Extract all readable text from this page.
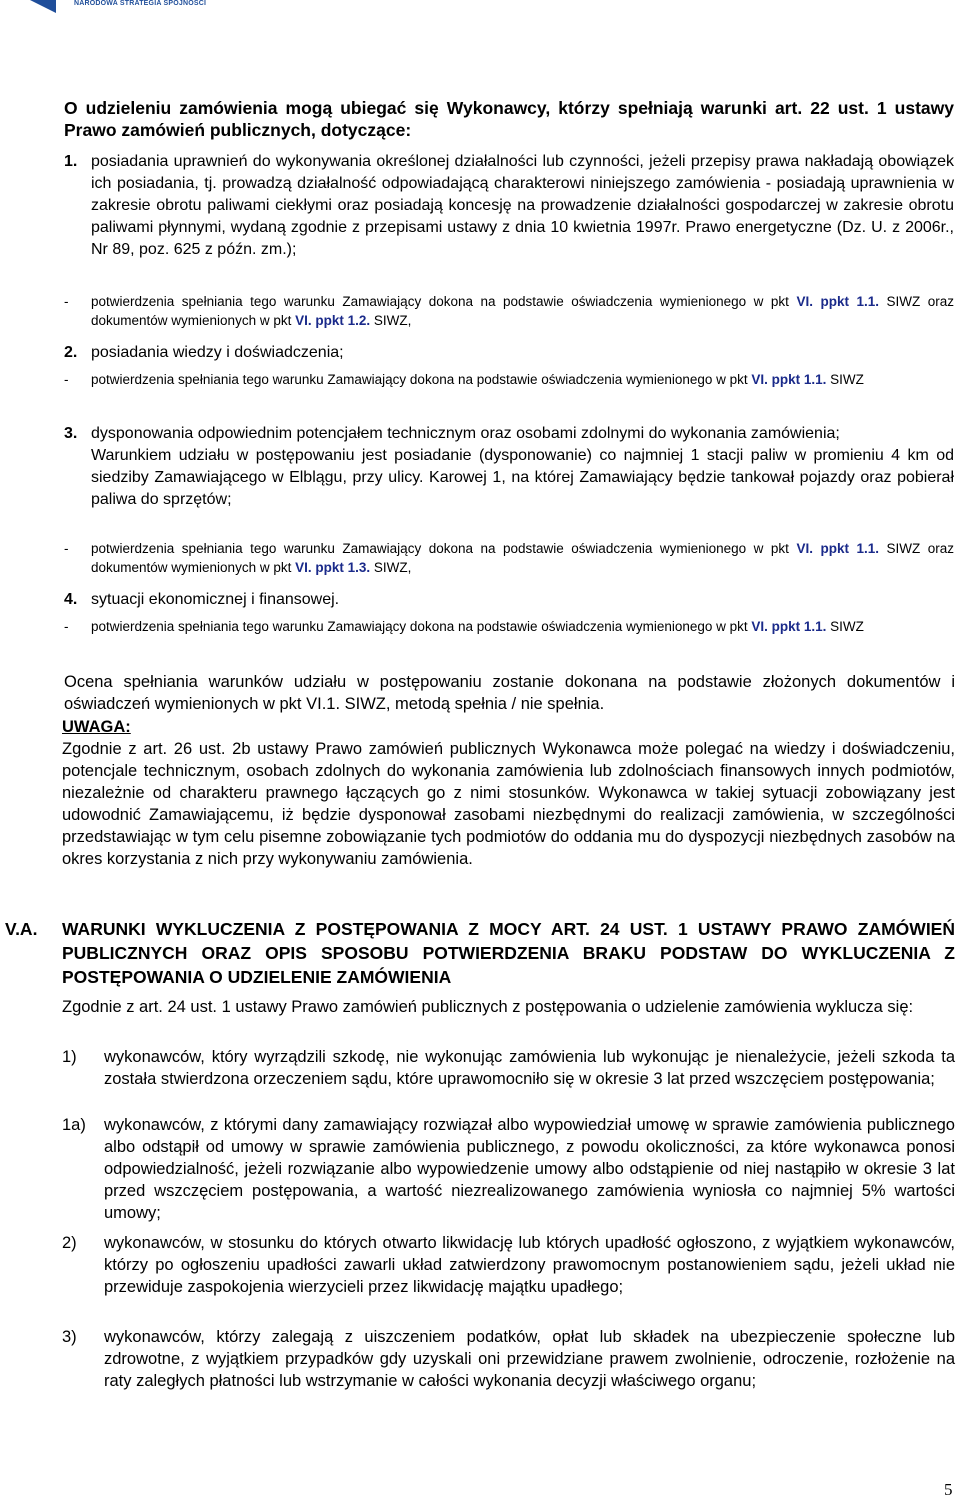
NARODOWA STRATEGIA SPÓJNOŚCI

O udzieleniu zamówienia mogą ubiegać się Wykonawcy, którzy spełniają warunki art. 22 ust. 1 ustawy Prawo zamówień publicznych, dotyczące:

1. posiadania uprawnień do wykonywania określonej działalności lub czynności, jeżeli przepisy prawa nakładają obowiązek ich posiadania, tj. prowadzą działalność odpowiadającą charakterowi niniejszego zamówienia - posiadają uprawnienia w zakresie obrotu paliwami ciekłymi oraz posiadają koncesję na prowadzenie działalności gospodarczej w zakresie obrotu paliwami płynnymi, wydaną zgodnie z przepisami ustawy z dnia 10 kwietnia 1997r. Prawo energetyczne (Dz. U. z 2006r., Nr 89, poz. 625 z późn. zm.);
- potwierdzenia spełniania tego warunku Zamawiający dokona na podstawie oświadczenia wymienionego w pkt VI. ppkt 1.1. SIWZ oraz dokumentów wymienionych w pkt VI. ppkt 1.2. SIWZ,
2. posiadania wiedzy i doświadczenia;
- potwierdzenia spełniania tego warunku Zamawiający dokona na podstawie oświadczenia wymienionego w pkt VI. ppkt 1.1. SIWZ
3. dysponowania odpowiednim potencjałem technicznym oraz osobami zdolnymi do wykonania zamówienia;
Warunkiem udziału w postępowaniu jest posiadanie (dysponowanie) co najmniej 1 stacji paliw w promieniu 4 km od siedziby Zamawiającego w Elblągu, przy ulicy. Karowej 1, na której Zamawiający będzie tankował pojazdy oraz pobierał paliwa do sprzętów;
- potwierdzenia spełniania tego warunku Zamawiający dokona na podstawie oświadczenia wymienionego w pkt VI. ppkt 1.1. SIWZ oraz dokumentów wymienionych w pkt VI. ppkt 1.3. SIWZ,
4. sytuacji ekonomicznej i finansowej.
- potwierdzenia spełniania tego warunku Zamawiający dokona na podstawie oświadczenia wymienionego w pkt VI. ppkt 1.1. SIWZ

Ocena spełniania warunków udziału w postępowaniu zostanie dokonana na podstawie złożonych dokumentów i oświadczeń wymienionych w pkt VI.1. SIWZ, metodą spełnia / nie spełnia.

UWAGA:

Zgodnie z art. 26 ust. 2b ustawy Prawo zamówień publicznych Wykonawca może polegać na wiedzy i doświadczeniu, potencjale technicznym, osobach zdolnych do wykonania zamówienia lub zdolnościach finansowych innych podmiotów, niezależnie od charakteru prawnego łączących go z nimi stosunków. Wykonawca w takiej sytuacji zobowiązany jest udowodnić Zamawiającemu, iż będzie dysponował zasobami niezbędnymi do realizacji zamówienia, w szczególności przedstawiając w tym celu pisemne zobowiązanie tych podmiotów do oddania mu do dyspozycji niezbędnych zasobów na okres korzystania z nich przy wykonywaniu zamówienia.

V.A. WARUNKI WYKLUCZENIA Z POSTĘPOWANIA Z MOCY ART. 24 UST. 1 USTAWY PRAWO ZAMÓWIEŃ PUBLICZNYCH ORAZ OPIS SPOSOBU POTWIERDZENIA BRAKU PODSTAW DO WYKLUCZENIA Z POSTĘPOWANIA O UDZIELENIE ZAMÓWIENIA

Zgodnie z art. 24 ust. 1 ustawy Prawo zamówień publicznych z postępowania o udzielenie zamówienia wyklucza się:

1) wykonawców, który wyrządzili szkodę, nie wykonując zamówienia lub wykonując je nienależycie, jeżeli szkoda ta została stwierdzona orzeczeniem sądu, które uprawomocniło się w okresie 3 lat przed wszczęciem postępowania;
1a) wykonawców, z którymi dany zamawiający rozwiązał albo wypowiedział umowę w sprawie zamówienia publicznego albo odstąpił od umowy w sprawie zamówienia publicznego, z powodu okoliczności, za które wykonawca ponosi odpowiedzialność, jeżeli rozwiązanie albo wypowiedzenie umowy albo odstąpienie od niej nastąpiło w okresie 3 lat przed wszczęciem postępowania, a wartość niezrealizowanego zamówienia wyniosła co najmniej 5% wartości umowy;
2) wykonawców, w stosunku do których otwarto likwidację lub których upadłość ogłoszono, z wyjątkiem wykonawców, którzy po ogłoszeniu upadłości zawarli układ zatwierdzony prawomocnym postanowieniem sądu, jeżeli układ nie przewiduje zaspokojenia wierzycieli przez likwidację majątku upadłego;
3) wykonawców, którzy zalegają z uiszczeniem podatków, opłat lub składek na ubezpieczenie społeczne lub zdrowotne, z wyjątkiem przypadków gdy uzyskali oni przewidziane prawem zwolnienie, odroczenie, rozłożenie na raty zaległych płatności lub wstrzymanie w całości wykonania decyzji właściwego organu;
5
